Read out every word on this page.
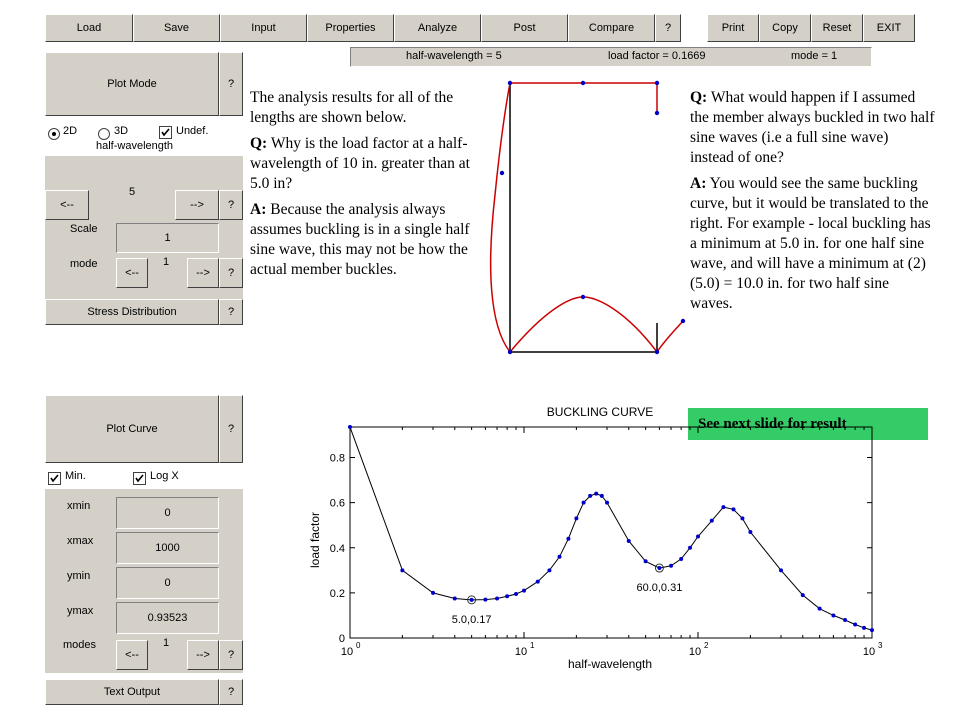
Load	Save	Input	Properties	Analyze	Post	Compare	?	Print	Copy	Reset	EXIT
half-wavelength = 5	load factor = 0.1669	mode = 1
Plot Mode	?
2D	3D	Undef.
half-wavelength
5
<--	-->	?
Scale
1
mode	1
<--	-->	?
Stress Distribution	?
Plot Curve	?
Min.	Log X
xmin
0
xmax
1000
ymin
0
ymax
0.93523
modes	1
<--	-->	?
Text Output	?

The analysis results for all of the lengths are shown below.

Q: Why is the load factor at a half-wavelength of 10 in. greater than at 5.0 in?

A: Because the analysis always assumes buckling is in a single half sine wave, this may not be how the actual member buckles.

Q: What would happen if I assumed the member always buckled in two half sine waves (i.e a full sine wave) instead of one?

A: You would see the same buckling curve, but it would be translated to the right. For example - local buckling has a minimum at 5.0 in. for one half sine wave, and will have a minimum at (2)(5.0) = 10.0 in. for two half sine waves.

See next slide for result
BUCKLING CURVE
load factor
half-wavelength
0
0.2
0.4
0.6
0.8
10
0
10
1
10
2
10
3
5.0,0.17
60.0,0.31
